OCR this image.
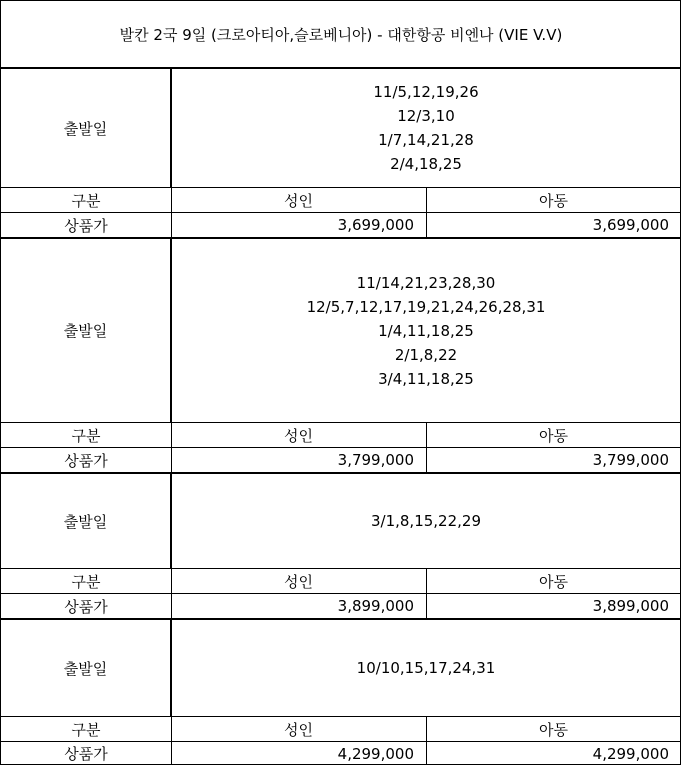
발칸 2국 9일 (크로아티아,슬로베니아) - 대한항공 비엔나 (VIE V.V)
출발일
11/5,12,19,26
12/3,10
1/7,14,21,28
2/4,18,25
구분	성인	아동
상품가	3,699,000	3,699,000
출발일
11/14,21,23,28,30
12/5,7,12,17,19,21,24,26,28,31
1/4,11,18,25
2/1,8,22
3/4,11,18,25
구분	성인	아동
상품가	3,799,000	3,799,000
출발일	3/1,8,15,22,29
구분	성인	아동
상품가	3,899,000	3,899,000
출발일	10/10,15,17,24,31
구분	성인	아동
상품가	4,299,000	4,299,000
